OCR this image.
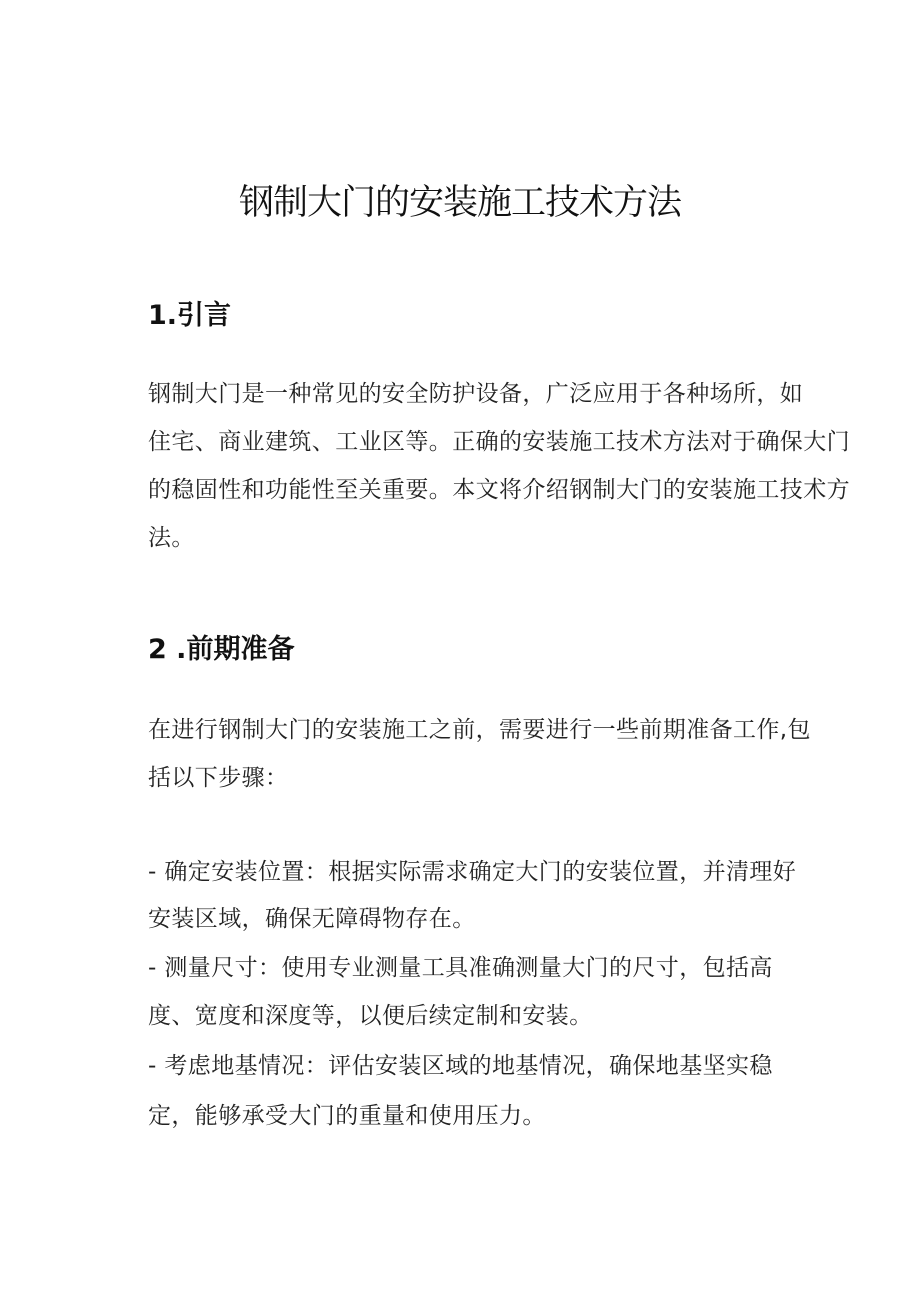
钢制大门的安装施工技术方法
1.引言
钢制大门是一种常见的安全防护设备，广泛应用于各种场所，如
住宅、商业建筑、工业区等。正确的安装施工技术方法对于确保大门
的稳固性和功能性至关重要。本文将介绍钢制大门的安装施工技术方
法。
2 .前期准备
在进行钢制大门的安装施工之前，需要进行一些前期准备工作,包
括以下步骤：
- 确定安装位置：根据实际需求确定大门的安装位置，并清理好
安装区域，确保无障碍物存在。
- 测量尺寸：使用专业测量工具准确测量大门的尺寸，包括高
度、宽度和深度等，以便后续定制和安装。
- 考虑地基情况：评估安装区域的地基情况，确保地基坚实稳
定，能够承受大门的重量和使用压力。
